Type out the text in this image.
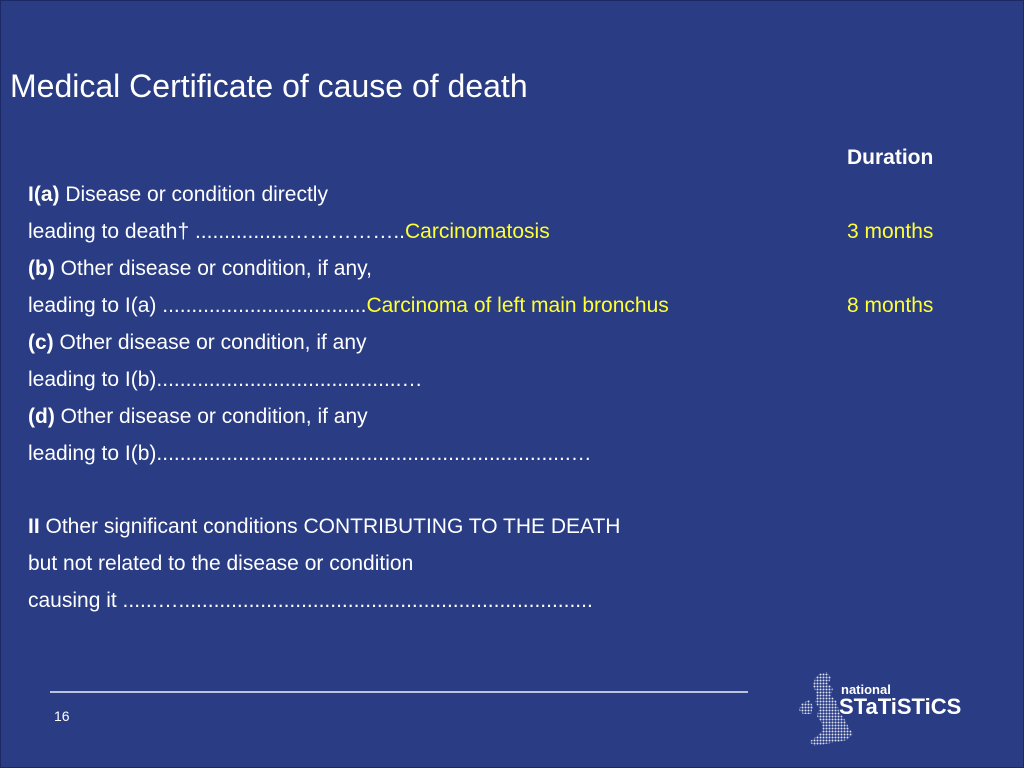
Medical Certificate of cause of death
Duration
I(a) Disease or condition directly
leading to death† ................……………..Carcinomatosis	3 months
(b) Other disease or condition, if any,
leading to I(a) ...................................Carcinoma of left main bronchus	8 months
(c) Other disease or condition, if any
leading to I(b)..........................................…
(d) Other disease or condition, if any
leading to I(b).......................................................................…
II Other significant conditions CONTRIBUTING TO THE DEATH
but not related to the disease or condition
causing it ......….......................................................................
16
national
STaTiSTiCS
